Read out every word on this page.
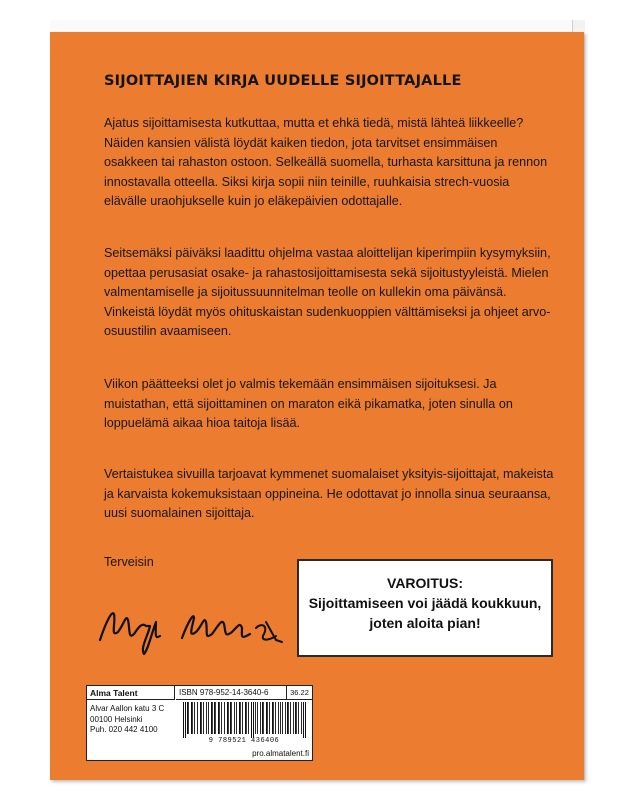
SIJOITTAJIEN KIRJA UUDELLE SIJOITTAJALLE

Ajatus sijoittamisesta kutkuttaa, mutta et ehkä tiedä, mistä lähteä liikkeelle? Näiden kansien välistä löydät kaiken tiedon, jota tarvitset ensimmäisen osakkeen tai rahaston ostoon. Selkeällä suomella, turhasta karsittuna ja rennon innostavalla otteella. Siksi kirja sopii niin teinille, ruuhkaisia strech-vuosia elävälle uraohjukselle kuin jo eläkepäivien odottajalle.

Seitsemäksi päiväksi laadittu ohjelma vastaa aloittelijan kiperimpiin kysymyksiin, opettaa perusasiat osake- ja rahastosijoittamisesta sekä sijoitustyyleistä. Mielen valmentamiselle ja sijoitussuunnitelman teolle on kullekin oma päivänsä. Vinkeistä löydät myös ohituskaistan sudenkuoppien välttämiseksi ja ohjeet arvo-osuustilin avaamiseen.

Viikon päätteeksi olet jo valmis tekemään ensimmäisen sijoituksesi. Ja muistathan, että sijoittaminen on maraton eikä pikamatka, joten sinulla on loppuelämä aikaa hioa taitoja lisää.

Vertaistukea sivuilla tarjoavat kymmenet suomalaiset yksityis-sijoittajat, makeista ja karvaista kokemuksistaan oppineina. He odottavat jo innolla sinua seuraansa, uusi suomalainen sijoittaja.

Terveisin

VAROITUS:
Sijoittamiseen voi jäädä koukkuun, joten aloita pian!
Alma Talent	ISBN 978-952-14-3640-6	36.22

Alvar Aallon katu 3 C
00100 Helsinki
Puh. 020 442 4100

9 789521 436406
pro.almatalent.fi
